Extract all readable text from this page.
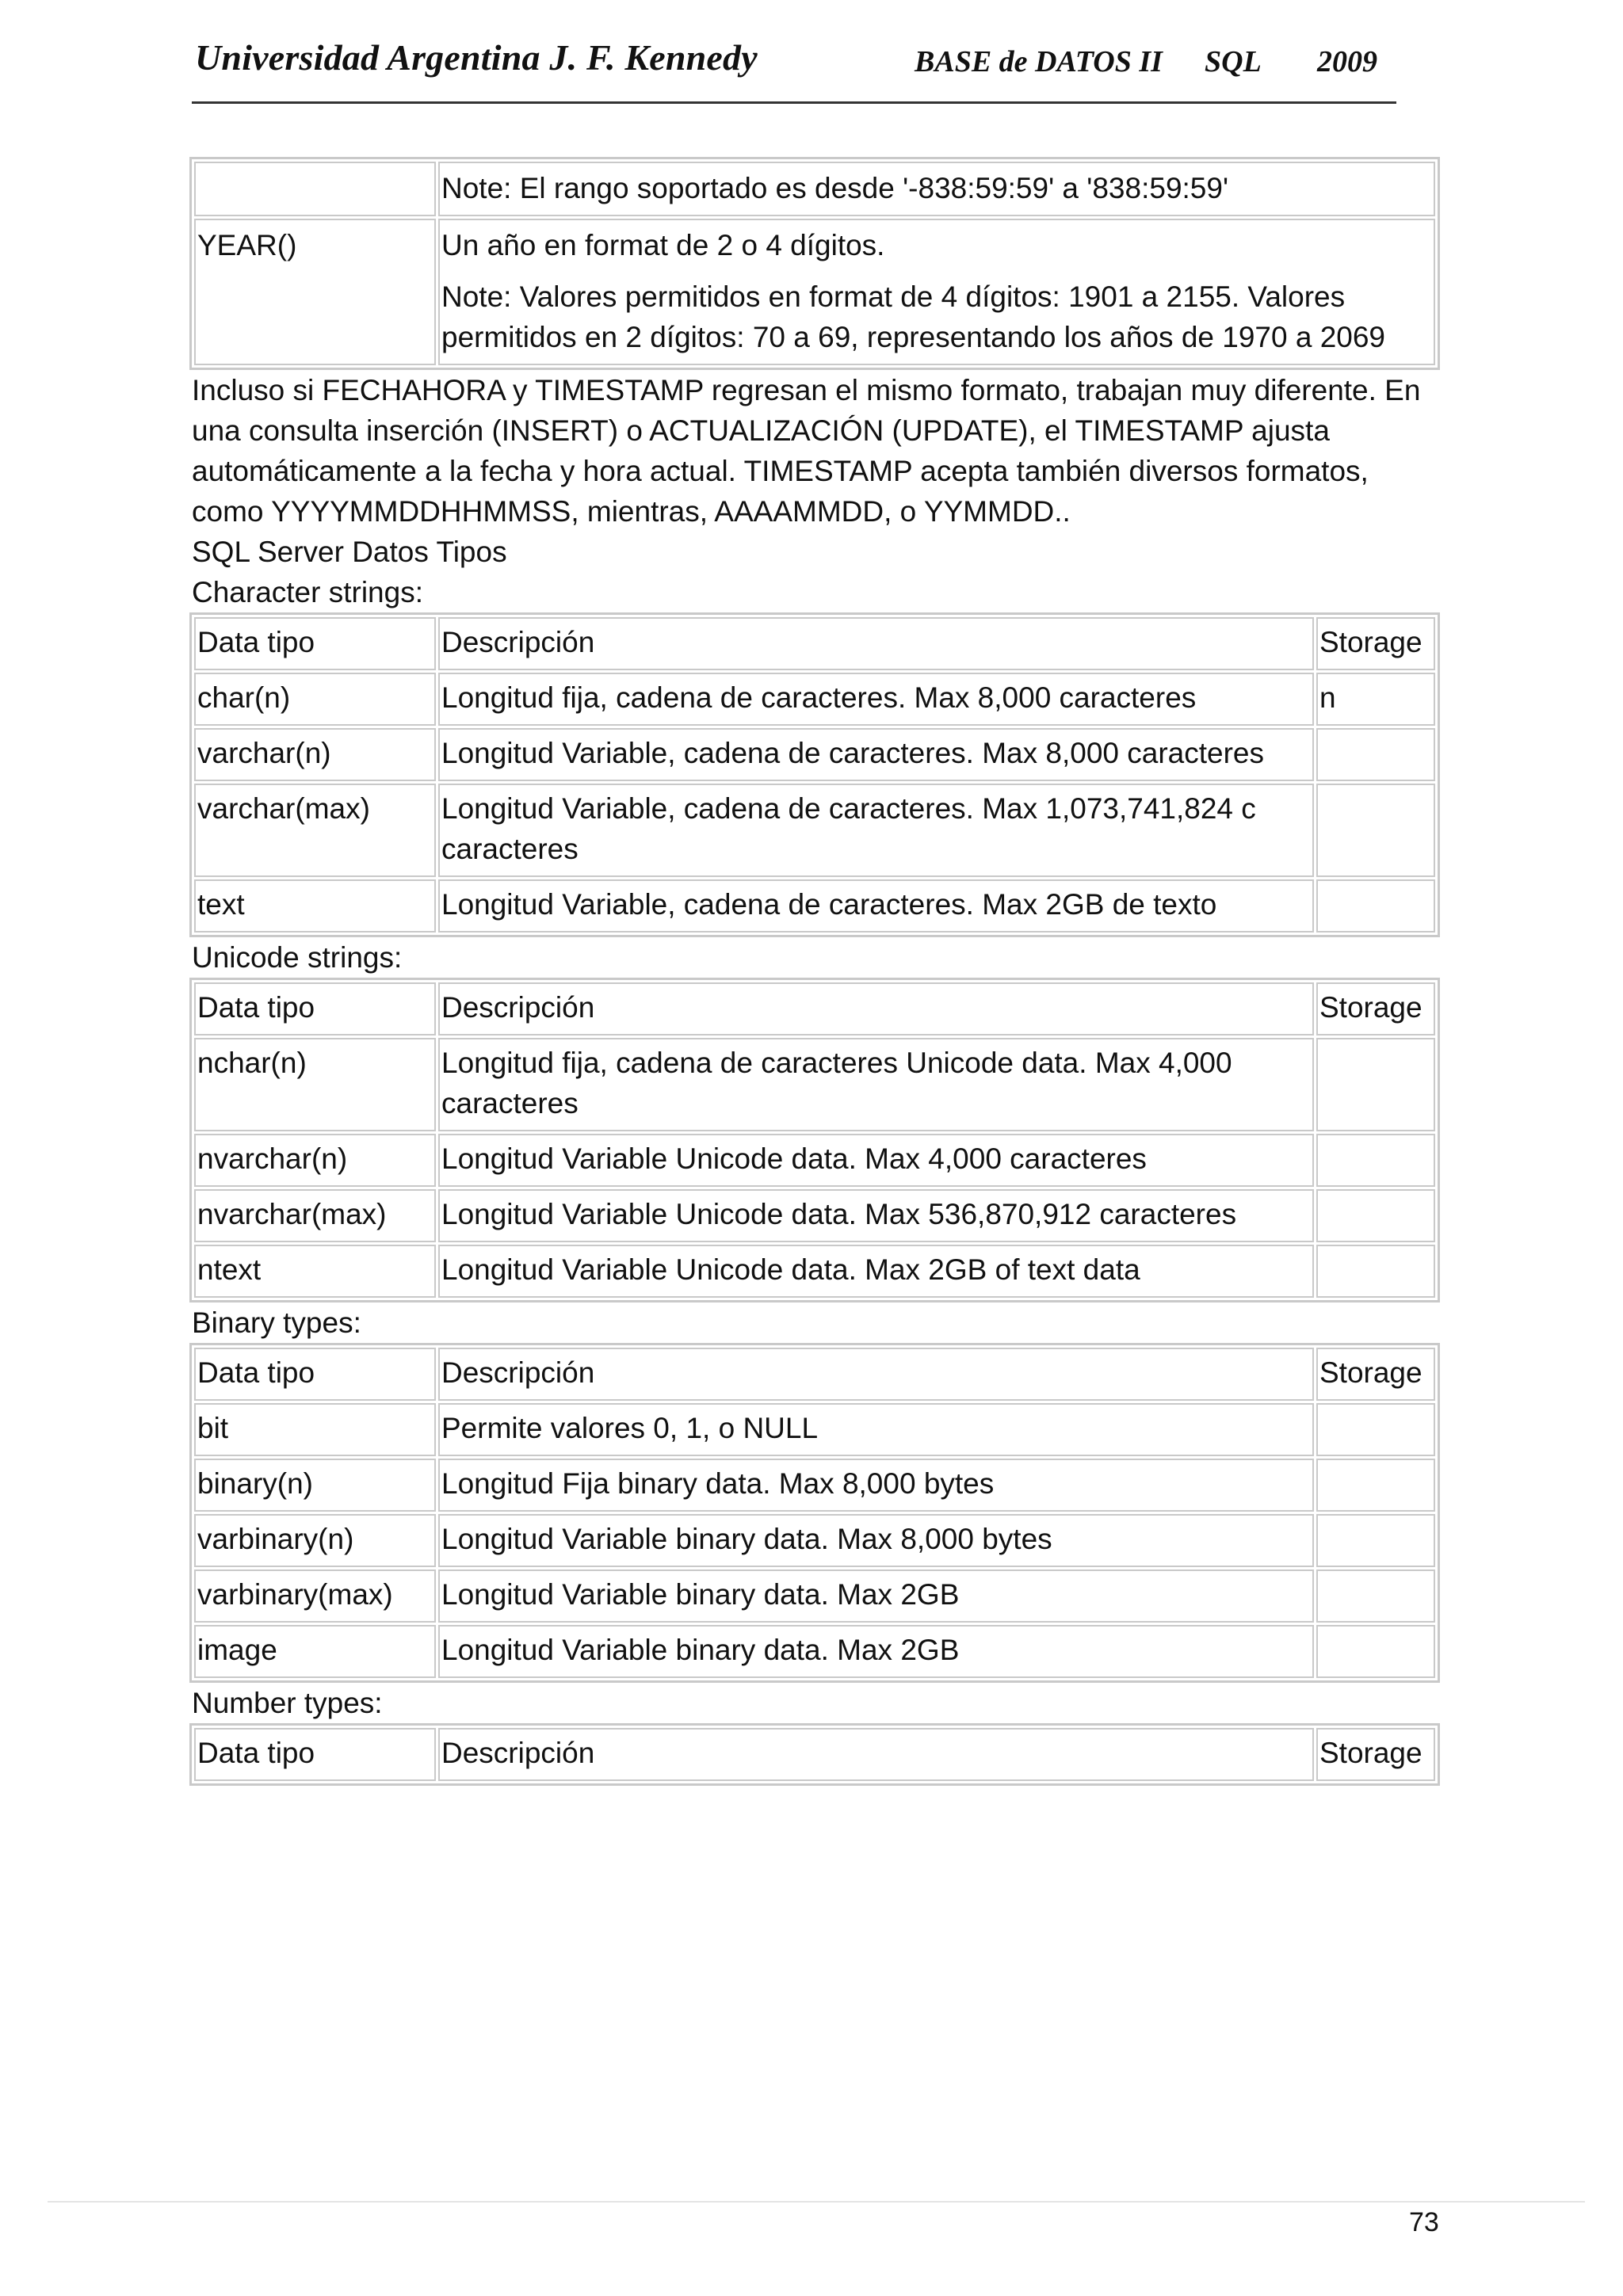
Universidad Argentina J. F. Kennedy	BASE de DATOS II SQL 2009
	Note: El rango soportado es desde '-838:59:59' a '838:59:59'
YEAR()	Un año en format de 2 o 4 dígitos.

Note: Valores permitidos en format de 4 dígitos: 1901 a 2155. Valores permitidos en 2 dígitos: 70 a 69, representando los años de 1970 a 2069

Incluso si FECHAHORA y TIMESTAMP regresan el mismo formato, trabajan muy diferente. En una consulta inserción (INSERT) o ACTUALIZACIÓN (UPDATE), el TIMESTAMP ajusta automáticamente a la fecha y hora actual. TIMESTAMP acepta también diversos formatos, como YYYYMMDDHHMMSS, mientras, AAAAMMDD, o YYMMDD..

SQL Server Datos Tipos

Character strings:

Data tipo	Descripción	Storage
char(n)	Longitud fija, cadena de caracteres. Max 8,000 caracteres	n
varchar(n)	Longitud Variable, cadena de caracteres. Max 8,000 caracteres	
varchar(max)	Longitud Variable, cadena de caracteres. Max 1,073,741,824 c caracteres	
text	Longitud Variable, cadena de caracteres. Max 2GB de texto	

Unicode strings:

Data tipo	Descripción	Storage
nchar(n)	Longitud fija, cadena de caracteres Unicode data. Max 4,000 caracteres	
nvarchar(n)	Longitud Variable Unicode data. Max 4,000 caracteres	
nvarchar(max)	Longitud Variable Unicode data. Max 536,870,912 caracteres	
ntext	Longitud Variable Unicode data. Max 2GB of text data	

Binary types:

Data tipo	Descripción	Storage
bit	Permite valores 0, 1, o NULL	
binary(n)	Longitud Fija binary data. Max 8,000 bytes	
varbinary(n)	Longitud Variable binary data. Max 8,000 bytes	
varbinary(max)	Longitud Variable binary data. Max 2GB	
image	Longitud Variable binary data. Max 2GB	

Number types:

Data tipo	Descripción	Storage
73
